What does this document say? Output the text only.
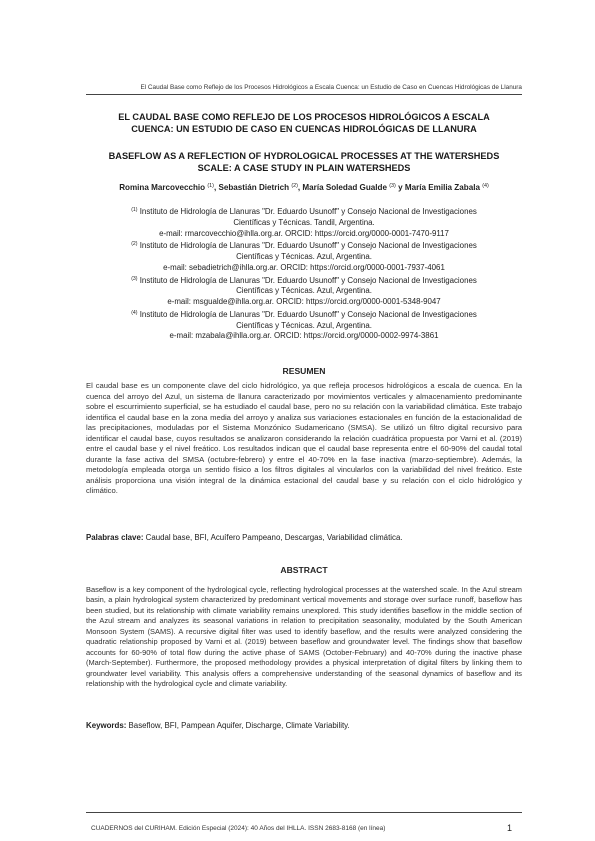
El Caudal Base como Reflejo de los Procesos Hidrológicos a Escala Cuenca: un Estudio de Caso en Cuencas Hidrológicas de Llanura
EL CAUDAL BASE COMO REFLEJO DE LOS PROCESOS HIDROLÓGICOS A ESCALA
CUENCA: UN ESTUDIO DE CASO EN CUENCAS HIDROLÓGICAS DE LLANURA
BASEFLOW AS A REFLECTION OF HYDROLOGICAL PROCESSES AT THE WATERSHEDS
SCALE: A CASE STUDY IN PLAIN WATERSHEDS
Romina Marcovecchio $^{(1)}$, Sebastián Dietrich $^{(2)}$, María Soledad Gualde $^{(3)}$ y María Emilia Zabala $^{(4)}$
$^{(1)}$ Instituto de Hidrología de Llanuras "Dr. Eduardo Usunoff" y Consejo Nacional de Investigaciones
Científicas y Técnicas. Tandil, Argentina.
e-mail: rmarcovecchio@ihlla.org.ar. ORCID: https://orcid.org/0000-0001-7470-9117
$^{(2)}$ Instituto de Hidrología de Llanuras "Dr. Eduardo Usunoff" y Consejo Nacional de Investigaciones
Científicas y Técnicas. Azul, Argentina.
e-mail: sebadietrich@ihlla.org.ar. ORCID: https://orcid.org/0000-0001-7937-4061
$^{(3)}$ Instituto de Hidrología de Llanuras "Dr. Eduardo Usunoff" y Consejo Nacional de Investigaciones
Científicas y Técnicas. Azul, Argentina.
e-mail: msgualde@ihlla.org.ar. ORCID: https://orcid.org/0000-0001-5348-9047
$^{(4)}$ Instituto de Hidrología de Llanuras "Dr. Eduardo Usunoff" y Consejo Nacional de Investigaciones
Científicas y Técnicas. Azul, Argentina.
e-mail: mzabala@ihlla.org.ar. ORCID: https://orcid.org/0000-0002-9974-3861
RESUMEN
El caudal base es un componente clave del ciclo hidrológico, ya que refleja procesos hidrológicos a escala de cuenca. En la cuenca del arroyo del Azul, un sistema de llanura caracterizado por movimientos verticales y almacenamiento predominante sobre el escurrimiento superficial, se ha estudiado el caudal base, pero no su relación con la variabilidad climática. Este trabajo identifica el caudal base en la zona media del arroyo y analiza sus variaciones estacionales en función de la estacionalidad de las precipitaciones, moduladas por el Sistema Monzónico Sudamericano (SMSA). Se utilizó un filtro digital recursivo para identificar el caudal base, cuyos resultados se analizaron considerando la relación cuadrática propuesta por Varni et al. (2019) entre el caudal base y el nivel freático. Los resultados indican que el caudal base representa entre el 60-90% del caudal total durante la fase activa del SMSA (octubre-febrero) y entre el 40-70% en la fase inactiva (marzo-septiembre). Además, la metodología empleada otorga un sentido físico a los filtros digitales al vincularlos con la variabilidad del nivel freático. Este análisis proporciona una visión integral de la dinámica estacional del caudal base y su relación con el ciclo hidrológico y climático.
Palabras clave: Caudal base, BFI, Acuífero Pampeano, Descargas, Variabilidad climática.
ABSTRACT
Baseflow is a key component of the hydrological cycle, reflecting hydrological processes at the watershed scale. In the Azul stream basin, a plain hydrological system characterized by predominant vertical movements and storage over surface runoff, baseflow has been studied, but its relationship with climate variability remains unexplored. This study identifies baseflow in the middle section of the Azul stream and analyzes its seasonal variations in relation to precipitation seasonality, modulated by the South American Monsoon System (SAMS). A recursive digital filter was used to identify baseflow, and the results were analyzed considering the quadratic relationship proposed by Varni et al. (2019) between baseflow and groundwater level. The findings show that baseflow accounts for 60-90% of total flow during the active phase of SAMS (October-February) and 40-70% during the inactive phase (March-September). Furthermore, the proposed methodology provides a physical interpretation of digital filters by linking them to groundwater level variability. This analysis offers a comprehensive understanding of the seasonal dynamics of baseflow and its relationship with the hydrological cycle and climate variability.
Keywords: Baseflow, BFI, Pampean Aquifer, Discharge, Climate Variability.
CUADERNOS del CURIHAM. Edición Especial (2024): 40 Años del IHLLA. ISSN 2683-8168 (en línea)	1
